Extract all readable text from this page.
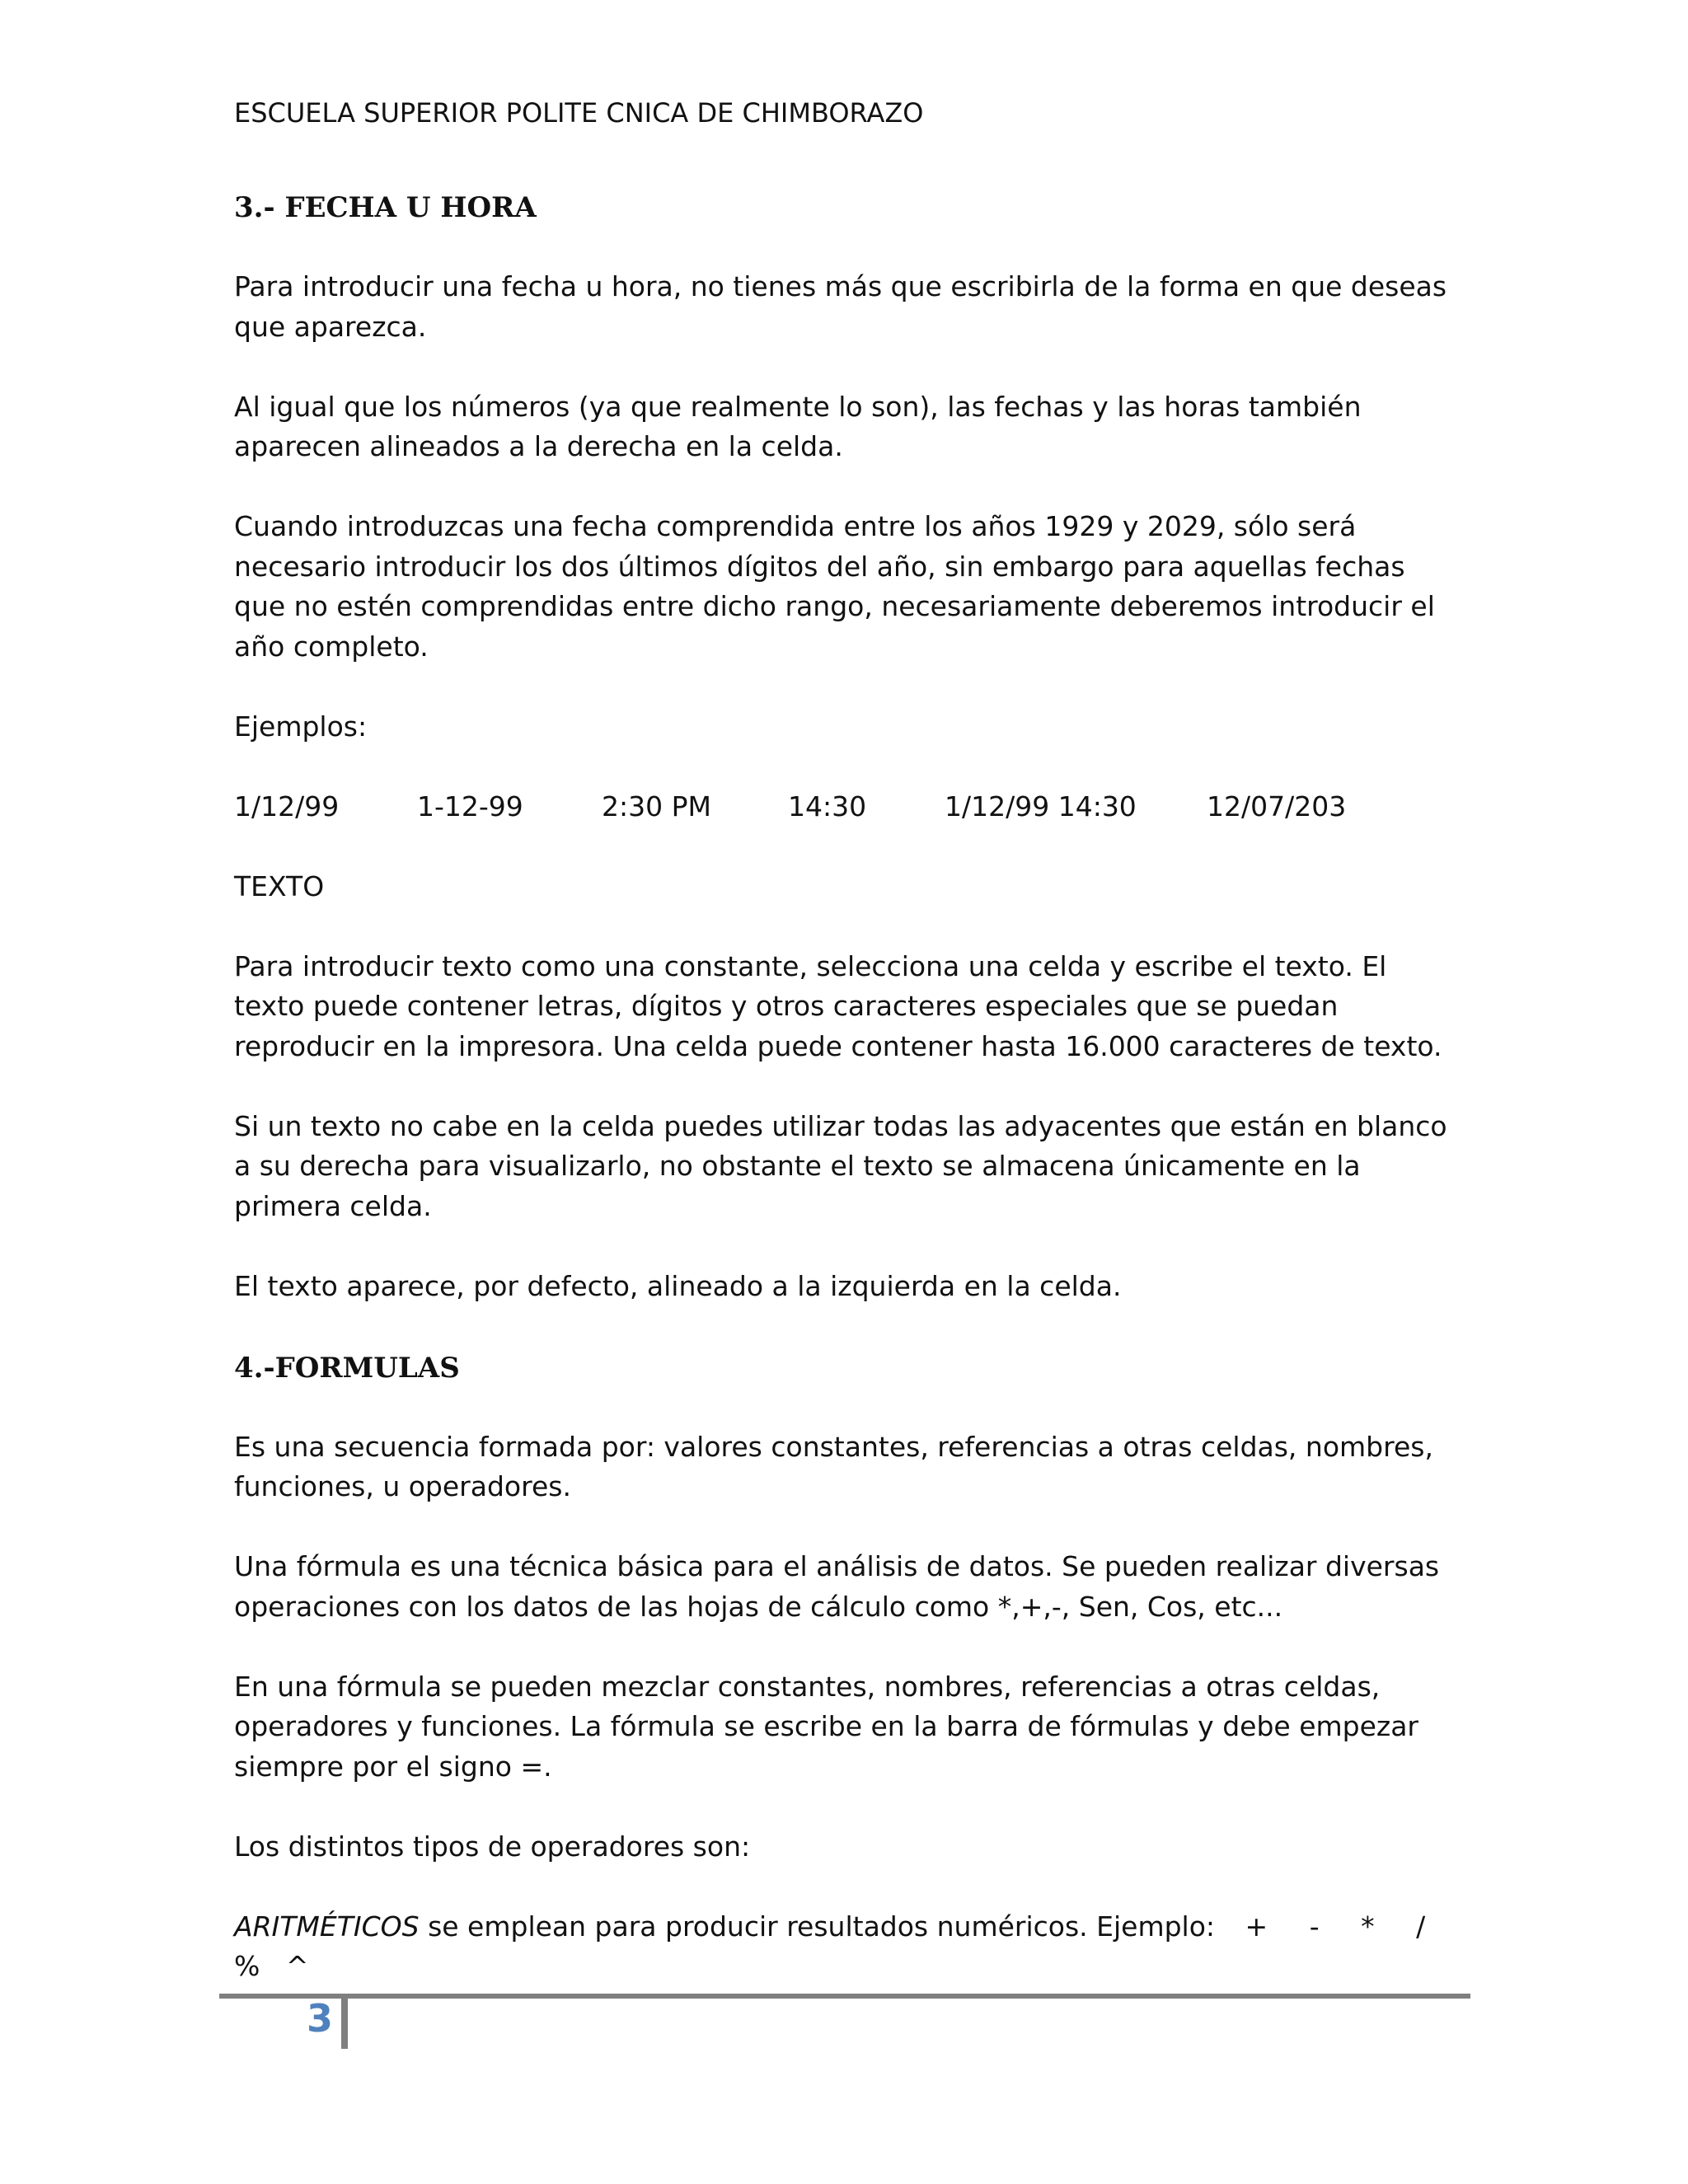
ESCUELA SUPERIOR POLITE CNICA DE CHIMBORAZO
3.- FECHA U HORA

Para introducir una fecha u hora, no tienes más que escribirla de la forma en que deseas que aparezca.

Al igual que los números (ya que realmente lo son), las fechas y las horas también aparecen alineados a la derecha en la celda.

Cuando introduzcas una fecha comprendida entre los años 1929 y 2029, sólo será necesario introducir los dos últimos dígitos del año, sin embargo para aquellas fechas que no estén comprendidas entre dicho rango, necesariamente deberemos introducir el año completo.

Ejemplos:

1/12/99	1-12-99	2:30 PM	14:30	1/12/99 14:30	12/07/203

TEXTO

Para introducir texto como una constante, selecciona una celda y escribe el texto. El texto puede contener letras, dígitos y otros caracteres especiales que se puedan reproducir en la impresora. Una celda puede contener hasta 16.000 caracteres de texto.

Si un texto no cabe en la celda puedes utilizar todas las adyacentes que están en blanco a su derecha para visualizarlo, no obstante el texto se almacena únicamente en la primera celda.

El texto aparece, por defecto, alineado a la izquierda en la celda.

4.-FORMULAS

Es una secuencia formada por: valores constantes, referencias a otras celdas, nombres, funciones, u operadores.

Una fórmula es una técnica básica para el análisis de datos. Se pueden realizar diversas operaciones con los datos de las hojas de cálculo como *,+,-, Sen, Cos, etc...

En una fórmula se pueden mezclar constantes, nombres, referencias a otras celdas, operadores y funciones. La fórmula se escribe en la barra de fórmulas y debe empezar siempre por el signo =.

Los distintos tipos de operadores son:

ARITMÉTICOS se emplean para producir resultados numéricos. Ejemplo: + - * /
%   ^
3
